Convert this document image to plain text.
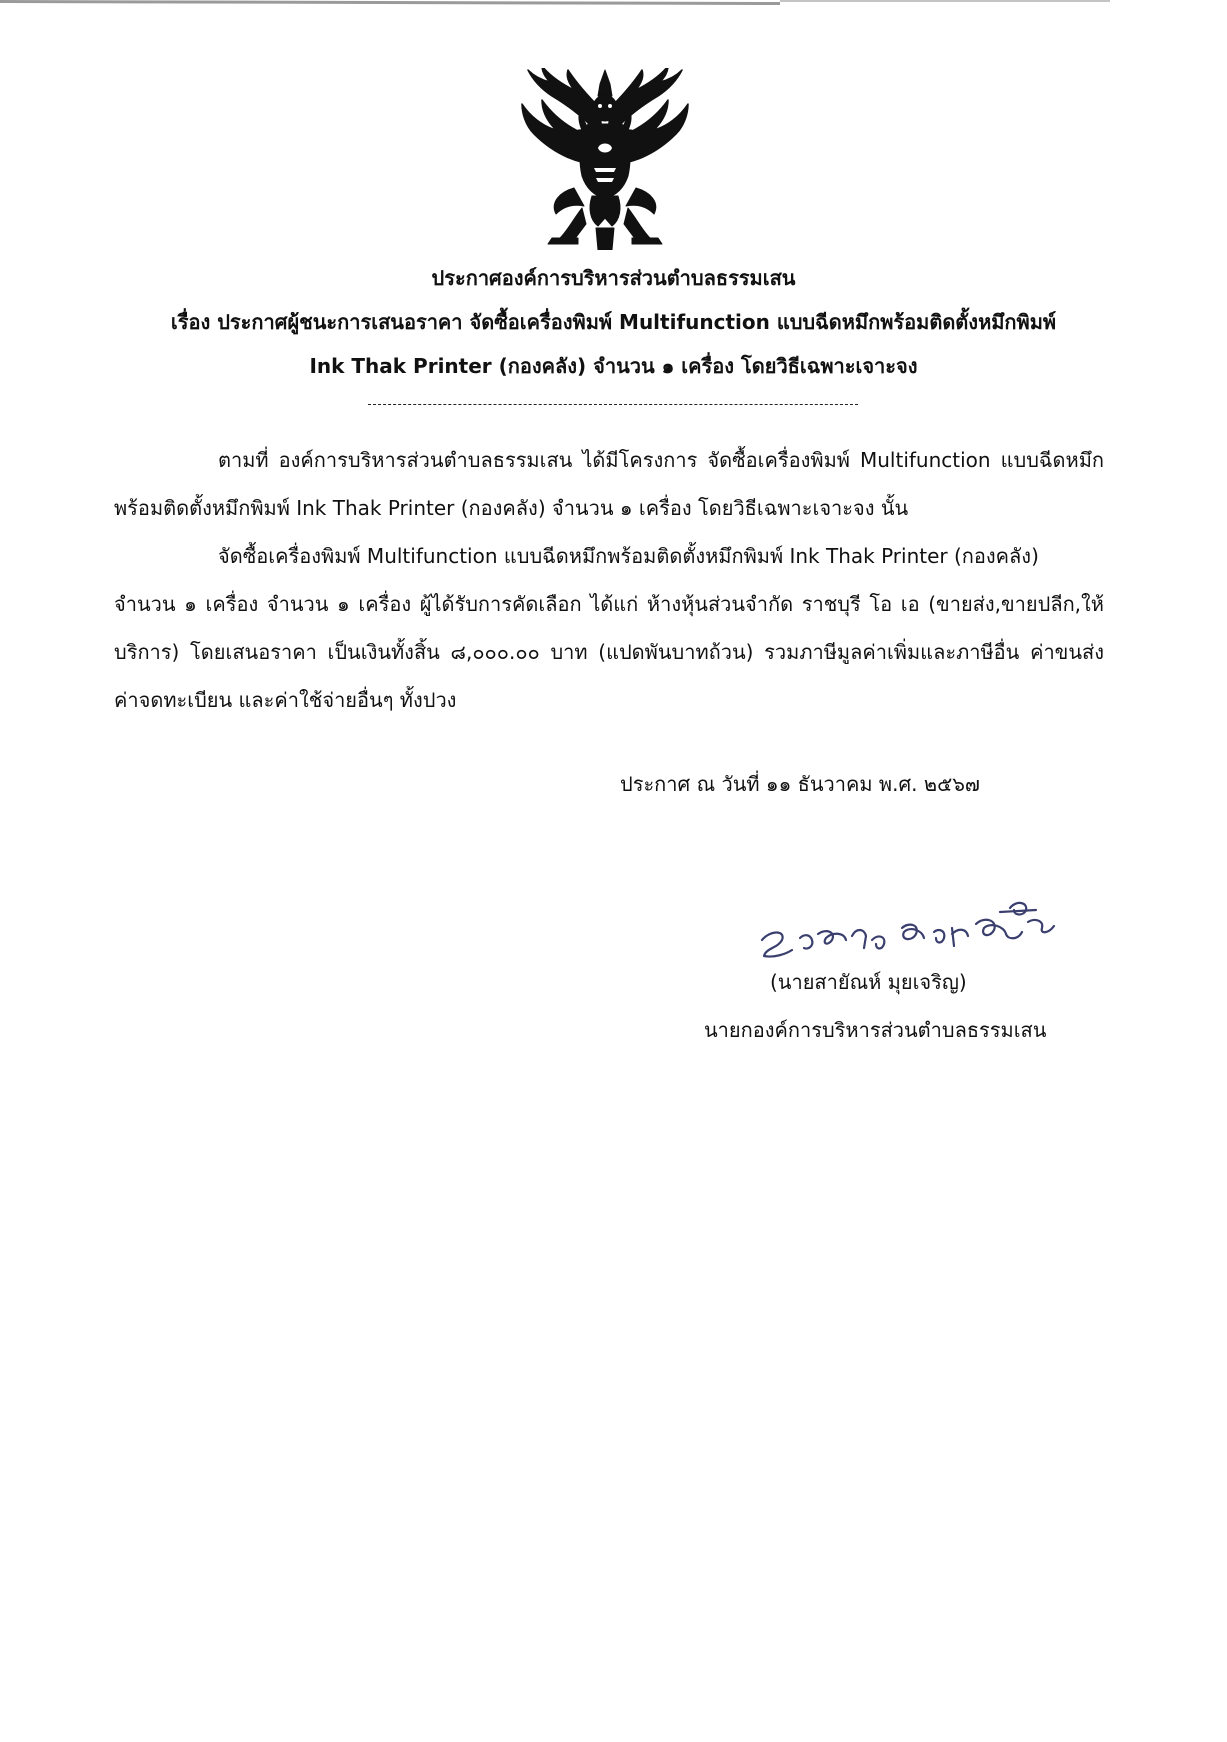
ประกาศองค์การบริหารส่วนตำบลธรรมเสน
เรื่อง ประกาศผู้ชนะการเสนอราคา จัดซื้อเครื่องพิมพ์ Multifunction แบบฉีดหมึกพร้อมติดตั้งหมึกพิมพ์
Ink Thak Printer (กองคลัง) จำนวน ๑ เครื่อง โดยวิธีเฉพาะเจาะจง
ตามที่ องค์การบริหารส่วนตำบลธรรมเสน ได้มีโครงการ จัดซื้อเครื่องพิมพ์ Multifunction แบบฉีดหมึก
พร้อมติดตั้งหมึกพิมพ์ Ink Thak Printer (กองคลัง) จำนวน ๑ เครื่อง โดยวิธีเฉพาะเจาะจง นั้น
จัดซื้อเครื่องพิมพ์ Multifunction แบบฉีดหมึกพร้อมติดตั้งหมึกพิมพ์ Ink Thak Printer (กองคลัง)
จำนวน ๑ เครื่อง จำนวน ๑ เครื่อง ผู้ได้รับการคัดเลือก ได้แก่ ห้างหุ้นส่วนจำกัด ราชบุรี โอ เอ (ขายส่ง,ขายปลีก,ให้
บริการ) โดยเสนอราคา เป็นเงินทั้งสิ้น ๘,๐๐๐.๐๐ บาท (แปดพันบาทถ้วน) รวมภาษีมูลค่าเพิ่มและภาษีอื่น ค่าขนส่ง
ค่าจดทะเบียน และค่าใช้จ่ายอื่นๆ ทั้งปวง
ประกาศ ณ วันที่ ๑๑ ธันวาคม พ.ศ. ๒๕๖๗
(นายสายัณห์ มุยเจริญ)
นายกองค์การบริหารส่วนตำบลธรรมเสน
